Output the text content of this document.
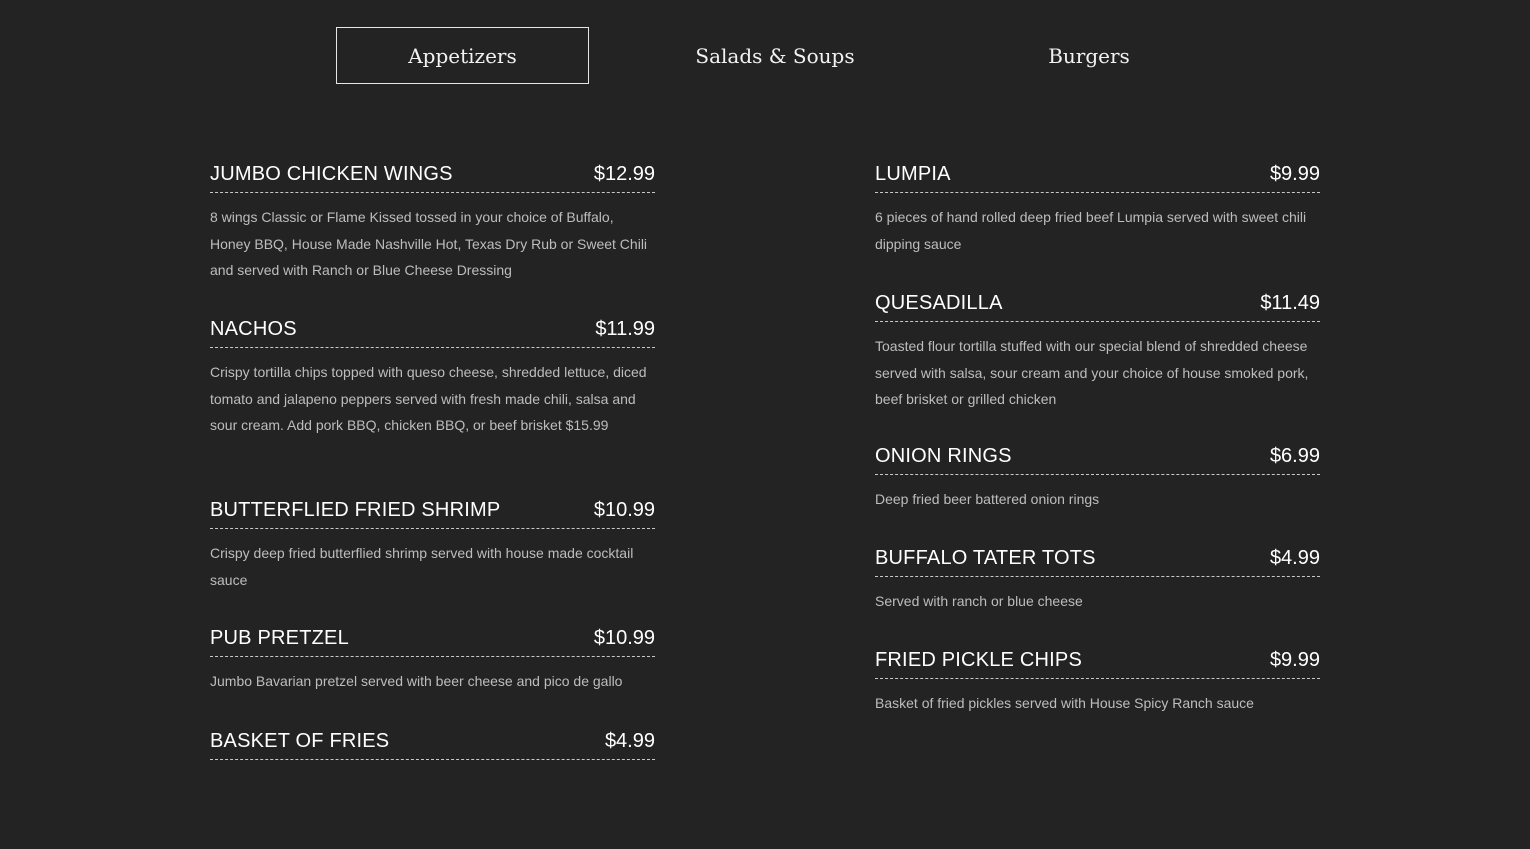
Appetizers	Salads & Soups	Burgers
JUMBO CHICKEN WINGS	$12.99
8 wings Classic or Flame Kissed tossed in your choice of Buffalo, Honey BBQ, House Made Nashville Hot, Texas Dry Rub or Sweet Chili and served with Ranch or Blue Cheese Dressing
NACHOS	$11.99
Crispy tortilla chips topped with queso cheese, shredded lettuce, diced tomato and jalapeno peppers served with fresh made chili, salsa and sour cream. Add pork BBQ, chicken BBQ, or beef brisket $15.99
BUTTERFLIED FRIED SHRIMP	$10.99
Crispy deep fried butterflied shrimp served with house made cocktail sauce
PUB PRETZEL	$10.99
Jumbo Bavarian pretzel served with beer cheese and pico de gallo
BASKET OF FRIES	$4.99
LUMPIA	$9.99
6 pieces of hand rolled deep fried beef Lumpia served with sweet chili dipping sauce
QUESADILLA	$11.49
Toasted flour tortilla stuffed with our special blend of shredded cheese served with salsa, sour cream and your choice of house smoked pork, beef brisket or grilled chicken
ONION RINGS	$6.99
Deep fried beer battered onion rings
BUFFALO TATER TOTS	$4.99
Served with ranch or blue cheese
FRIED PICKLE CHIPS	$9.99
Basket of fried pickles served with House Spicy Ranch sauce
